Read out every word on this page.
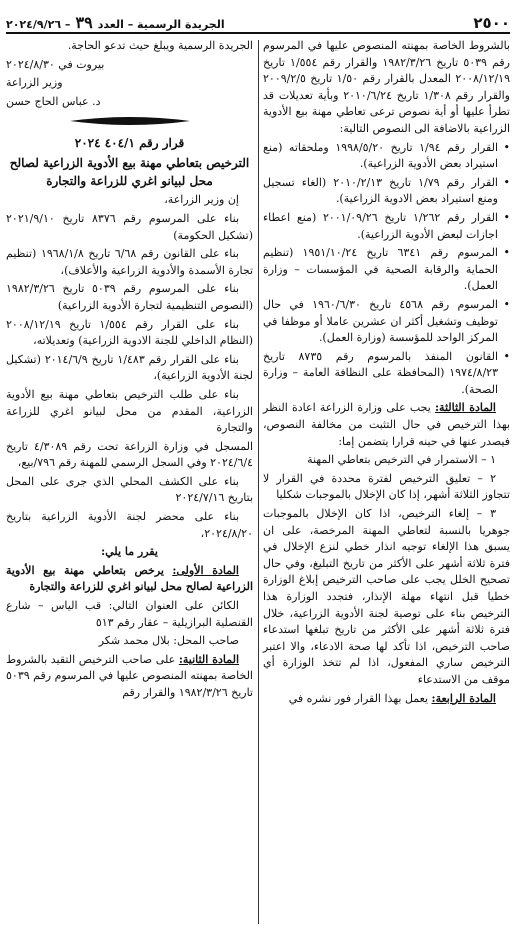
٢٥٠٠
الجريدة الرسمية – العدد ٣٩ – ٢٠٢٤/٩/٢٦

بالشروط الخاصة بمهنته المنصوص عليها في المرسوم رقم ٥٠٣٩ تاريخ ١٩٨٢/٣/٢٦ والقرار رقم ١/٥٥٤ تاريخ ٢٠٠٨/١٢/١٩ المعدل بالقرار رقم ١/٥٠ تاريخ ٢٠٠٩/٢/٥ والقرار رقم ١/٣٠٨ تاريخ ٢٠١٠/٦/٢٤ وبأية تعديلات قد تطرأ عليها أو أية نصوص ترعى تعاطي مهنة بيع الأدوية الزراعية بالاضافة الى النصوص التالية:

• القرار رقم ١/٩٤ تاريخ ١٩٩٨/٥/٢٠ وملحقاته (منع استيراد بعض الأدوية الزراعية).

• القرار رقم ١/٧٩ تاريخ ٢٠١٠/٢/١٣ (الغاء تسجيل ومنع استيراد بعض الادوية الزراعية).

• القرار رقم ١/٢٦٢ تاريخ ٢٠٠١/٠٩/٢٦ (منع اعطاء اجازات لبعض الأدوية الزراعية).

• المرسوم رقم ٦٣٤١ تاريخ ١٩٥١/١٠/٢٤ (تنظيم الحماية والرقابة الصحية في المؤسسات – وزارة العمل).

• المرسوم رقم ٤٥٦٨ تاريخ ١٩٦٠/٦/٣٠ في حال توظيف وتشغيل أكثر ان عشرين عاملا أو موظفا في المركز الواحد للمؤسسة (وزارة العمل).

• القانون المنفذ بالمرسوم رقم ٨٧٣٥ تاريخ ١٩٧٤/٨/٢٣ (المحافظة على النظافة العامة – وزارة الصحة).

المادة الثالثة: يجب على وزارة الزراعة اعادة النظر بهذا الترخيص في حال التثبت من مخالفة النصوص، فيصدر عنها في حينه قرارا يتضمن إما:

١ – الاستمرار في الترخيص بتعاطي المهنة

٢ – تعليق الترخيص لفترة محددة في القرار لا تتجاوز الثلاثة أشهر، إذا كان الإخلال بالموجبات شكليا

٣ – إلغاء الترخيص، اذا كان الإخلال بالموجبات جوهريا بالنسبة لتعاطي المهنة المرخصة، على ان يسبق هذا الإلغاء توجيه انذار خطي لنزع الإخلال في فترة ثلاثة أشهر على الأكثر من تاريخ التبليغ، وفي حال تصحيح الخلل يجب على صاحب الترخيص إبلاغ الوزارة خطيا قبل انتهاء مهلة الإنذار، فتجدد الوزارة هذا الترخيص بناء على توصية لجنة الأدوية الزراعية، خلال فترة ثلاثة أشهر على الأكثر من تاريخ تبلغها استدعاء صاحب الترخيص، اذا تأكد لها صحة الادعاء، والا اعتبر الترخيص ساري المفعول، اذا لم تتخذ الوزارة أي موقف من الاستدعاء

المادة الرابعة: يعمل بهذا القرار فور نشره في

الجريدة الرسمية ويبلغ حيث تدعو الحاجة.

بيروت في ٢٠٢٤/٨/٣٠

وزير الزراعة

د. عباس الحاج حسن

قرار رقم ٤٠٤/١ ٢٠٢٤

الترخيص بتعاطي مهنة بيع الأدوية الزراعية لصالح محل لبيانو اغري للزراعة والتجارة

إن وزير الزراعة،

بناء على المرسوم رقم ٨٣٧٦ تاريخ ٢٠٢١/٩/١٠ (تشكيل الحكومة)

بناء على القانون رقم ٦/٦٨ تاريخ ١٩٦٨/١/٨ (تنظيم تجارة الأسمدة والأدوية الزراعية والأعلاف)،

بناء على المرسوم رقم ٥٠٣٩ تاريخ ١٩٨٢/٣/٢٦ (النصوص التنظيمية لتجارة الأدوية الزراعية)

بناء على القرار رقم ١/٥٥٤ تاريخ ٢٠٠٨/١٢/١٩ (النظام الداخلي للجنة الادوية الزراعية) وتعديلاته،

بناء على القرار رقم ١/٤٨٣ تاريخ ٢٠١٤/٦/٩ (تشكيل لجنة الأدوية الزراعية)،

بناء على طلب الترخيص بتعاطي مهنة بيع الأدوية الزراعية، المقدم من محل لبيانو اغري للزراعة والتجارة

المسجل في وزارة الزراعة تحت رقم ٤/٣٠٨٩ تاريخ ٢٠٢٤/٦/٤ وفي السجل الرسمي للمهنة رقم ٧٩٦/بيع،

بناء على الكشف المحلي الذي جرى على المحل بتاريخ ٢٠٢٤/٧/١٦

بناء على محضر لجنة الأدوية الزراعية بتاريخ ٢٠٢٤/٨/٢٠،

يقرر ما يلي:

المادة الأولى: يرخص بتعاطي مهنة بيع الأدوية الزراعية لصالح محل لبيانو اغري للزراعة والتجارة

الكائن على العنوان التالي: قب الياس – شارع القنصلية البرازيلية – عقار رقم ٥١٣

صاحب المحل: بلال محمد شكر

المادة الثانية: على صاحب الترخيص التقيد بالشروط الخاصة بمهنته المنصوص عليها في المرسوم رقم ٥٠٣٩ تاريخ ١٩٨٢/٣/٢٦ والقرار رقم
